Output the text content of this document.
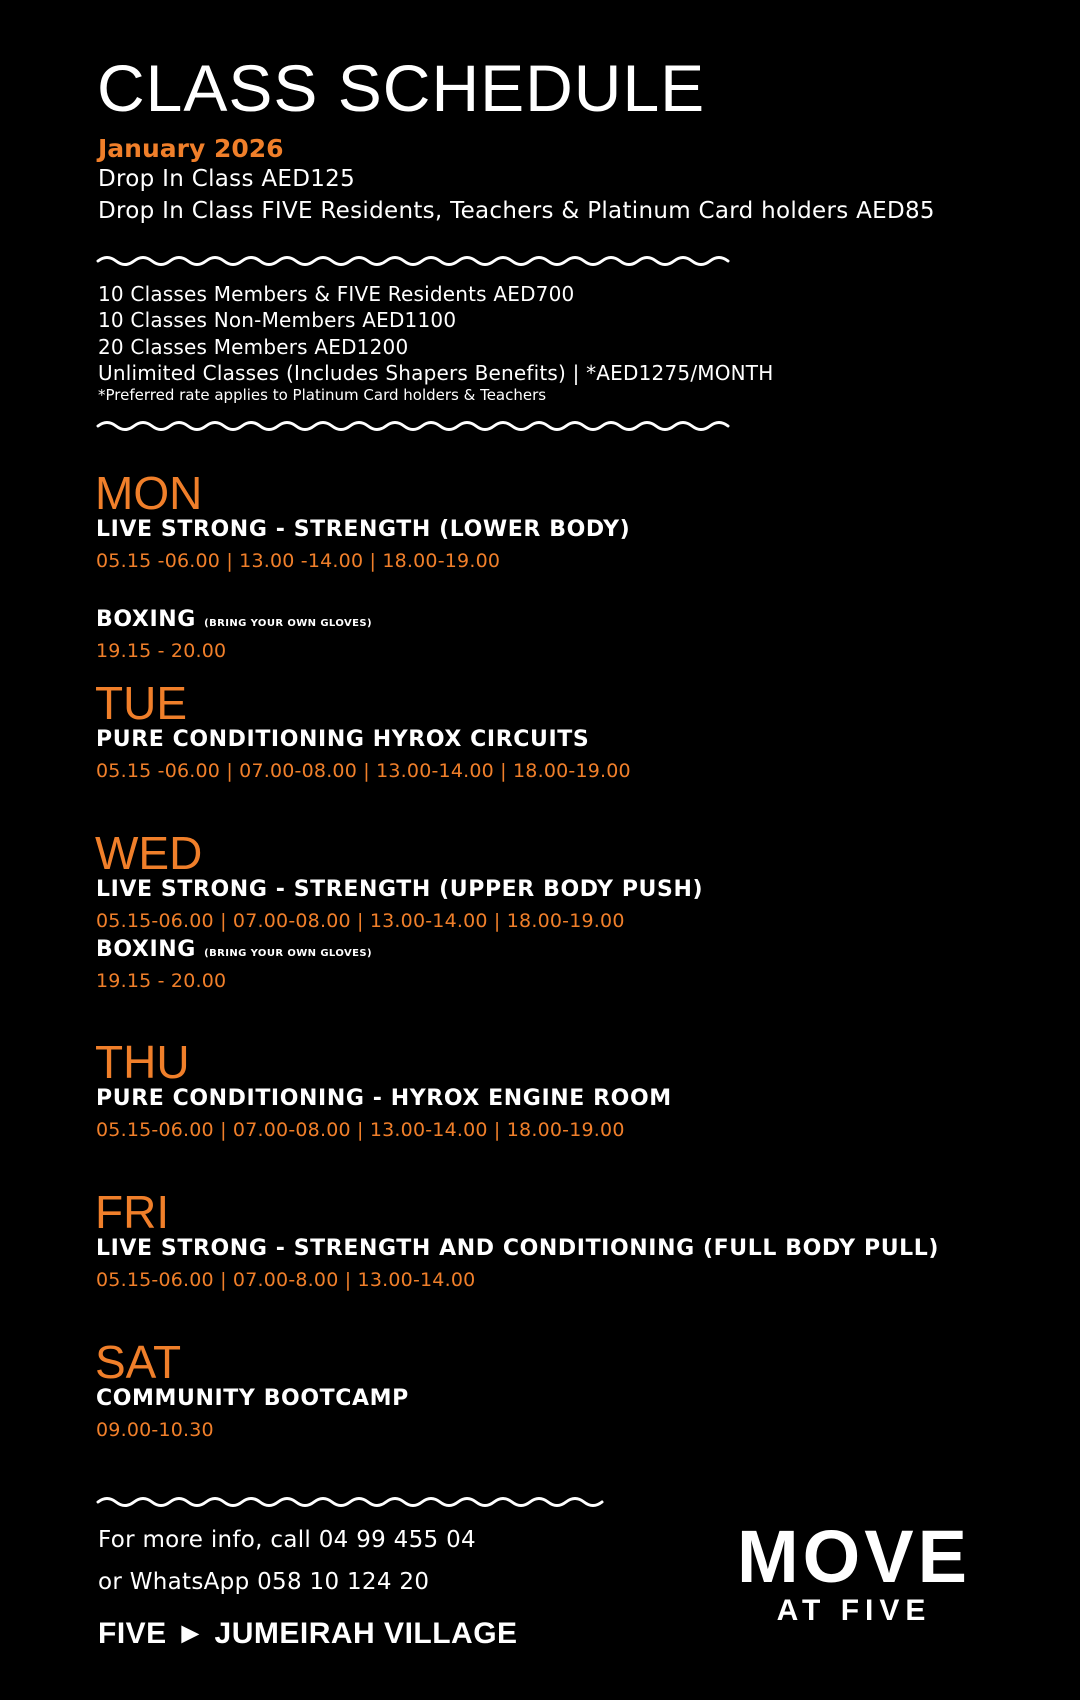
CLASS SCHEDULE
January 2026
Drop In Class AED125
Drop In Class FIVE Residents, Teachers & Platinum Card holders AED85
10 Classes Members & FIVE Residents AED700
10 Classes Non-Members AED1100
20 Classes Members AED1200
Unlimited Classes (Includes Shapers Benefits) | *AED1275/MONTH
*Preferred rate applies to Platinum Card holders & Teachers
MON
LIVE STRONG - STRENGTH (LOWER BODY)
05.15 -06.00 | 13.00 -14.00 | 18.00-19.00
BOXING (BRING YOUR OWN GLOVES)
19.15 - 20.00
TUE
PURE CONDITIONING HYROX CIRCUITS
05.15 -06.00 | 07.00-08.00 | 13.00-14.00 | 18.00-19.00
WED
LIVE STRONG - STRENGTH (UPPER BODY PUSH)
05.15-06.00 | 07.00-08.00 | 13.00-14.00 | 18.00-19.00
BOXING (BRING YOUR OWN GLOVES)
19.15 - 20.00
THU
PURE CONDITIONING - HYROX ENGINE ROOM
05.15-06.00 | 07.00-08.00 | 13.00-14.00 | 18.00-19.00
FRI
LIVE STRONG - STRENGTH AND CONDITIONING (FULL BODY PULL)
05.15-06.00 | 07.00-8.00 | 13.00-14.00
SAT
COMMUNITY BOOTCAMP
09.00-10.30
For more info, call 04 99 455 04
or WhatsApp 058 10 124 20
FIVE ► JUMEIRAH VILLAGE
MOVE
AT FIVE
